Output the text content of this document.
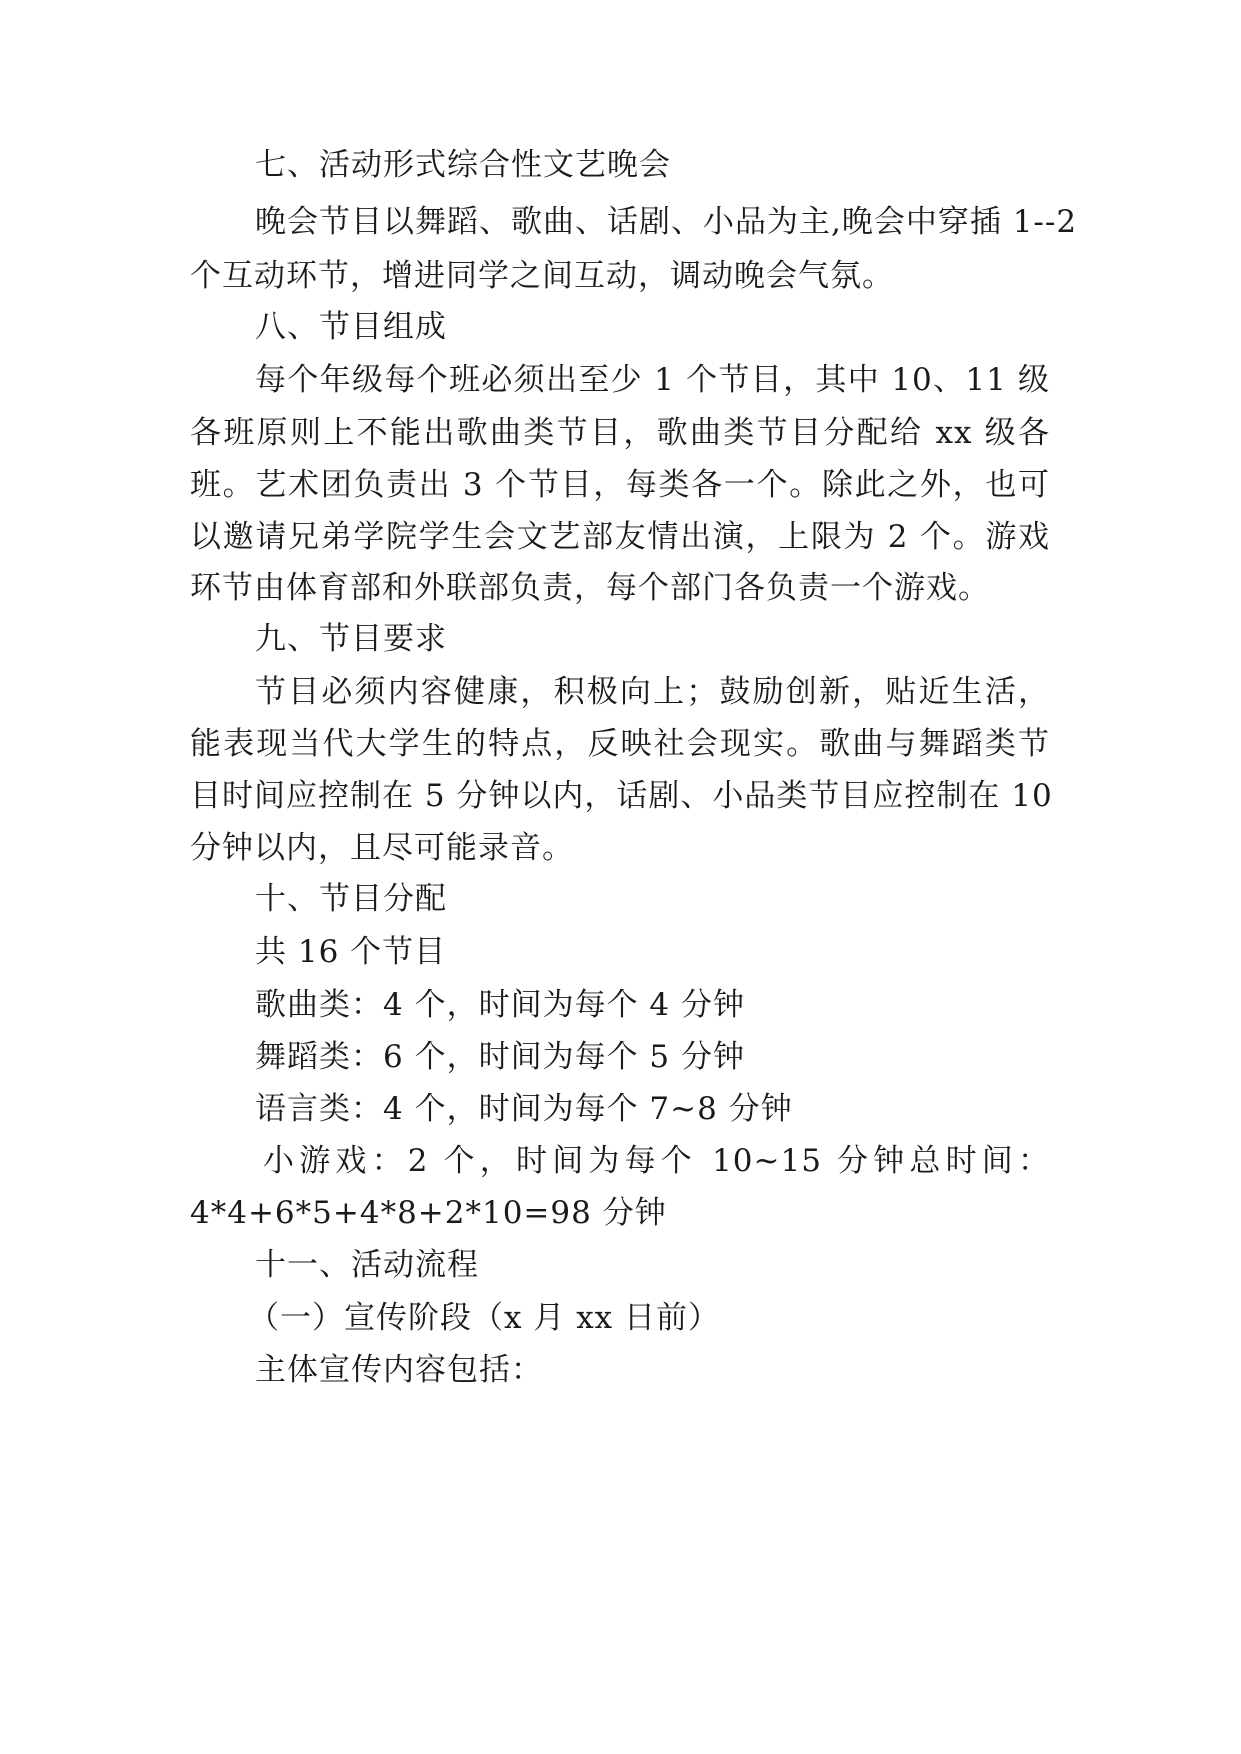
七、活动形式综合性文艺晚会
晚会节目以舞蹈、歌曲、话剧、小品为主,晚会中穿插 1--2
个互动环节，增进同学之间互动，调动晚会气氛。
八、节目组成
每个年级每个班必须出至少 1 个节目，其中 10、11 级
各班原则上不能出歌曲类节目，歌曲类节目分配给 xx 级各
班。艺术团负责出 3 个节目，每类各一个。除此之外，也可
以邀请兄弟学院学生会文艺部友情出演，上限为 2 个。游戏
环节由体育部和外联部负责，每个部门各负责一个游戏。
九、节目要求
节目必须内容健康，积极向上；鼓励创新，贴近生活，
能表现当代大学生的特点，反映社会现实。歌曲与舞蹈类节
目时间应控制在 5 分钟以内，话剧、小品类节目应控制在 10
分钟以内，且尽可能录音。
十、节目分配
共 16 个节目
歌曲类：4 个，时间为每个 4 分钟
舞蹈类：6 个，时间为每个 5 分钟
语言类：4 个，时间为每个 7~8 分钟
小游戏：2 个，时间为每个 10~15 分钟总时间：
4*4+6*5+4*8+2*10=98 分钟
十一、活动流程
（一）宣传阶段（x 月 xx 日前）
主体宣传内容包括：
